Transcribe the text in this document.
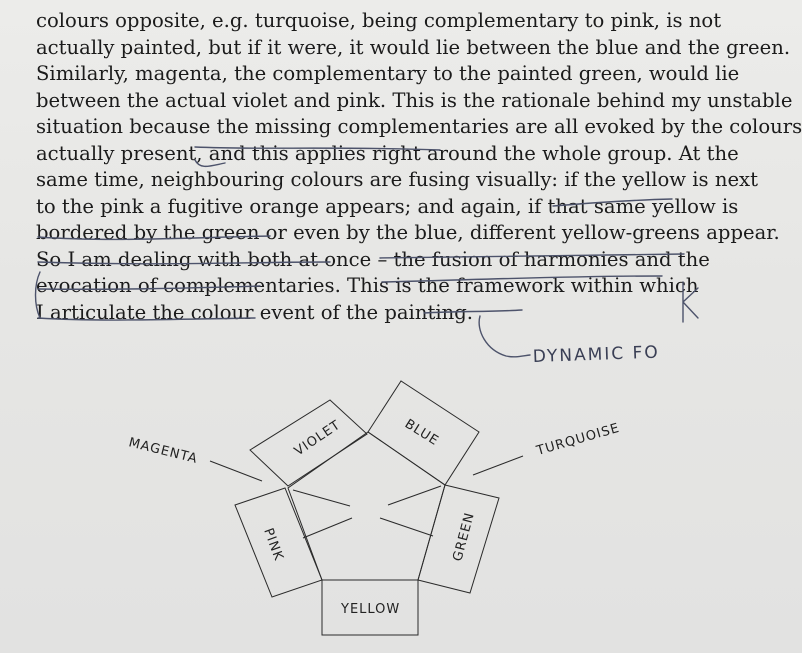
colours opposite, e.g. turquoise, being complementary to pink, is not
actually painted, but if it were, it would lie between the blue and the green.
Similarly, magenta, the complementary to the painted green, would lie
between the actual violet and pink. This is the rationale behind my unstable
situation because the missing complementaries are all evoked by the colours
actually present, and this applies right around the whole group. At the
same time, neighbouring colours are fusing visually: if the yellow is next
to the pink a fugitive orange appears; and again, if that same yellow is
bordered by the green or even by the blue, different yellow-greens appear.
So I am dealing with both at once – the fusion of harmonies and the
evocation of complementaries. This is the framework within which
I articulate the colour event of the painting.
DYNAMIC FO
VIOLET	BLUE
PINK	GREEN
YELLOW
MAGENTA	TURQUOISE
